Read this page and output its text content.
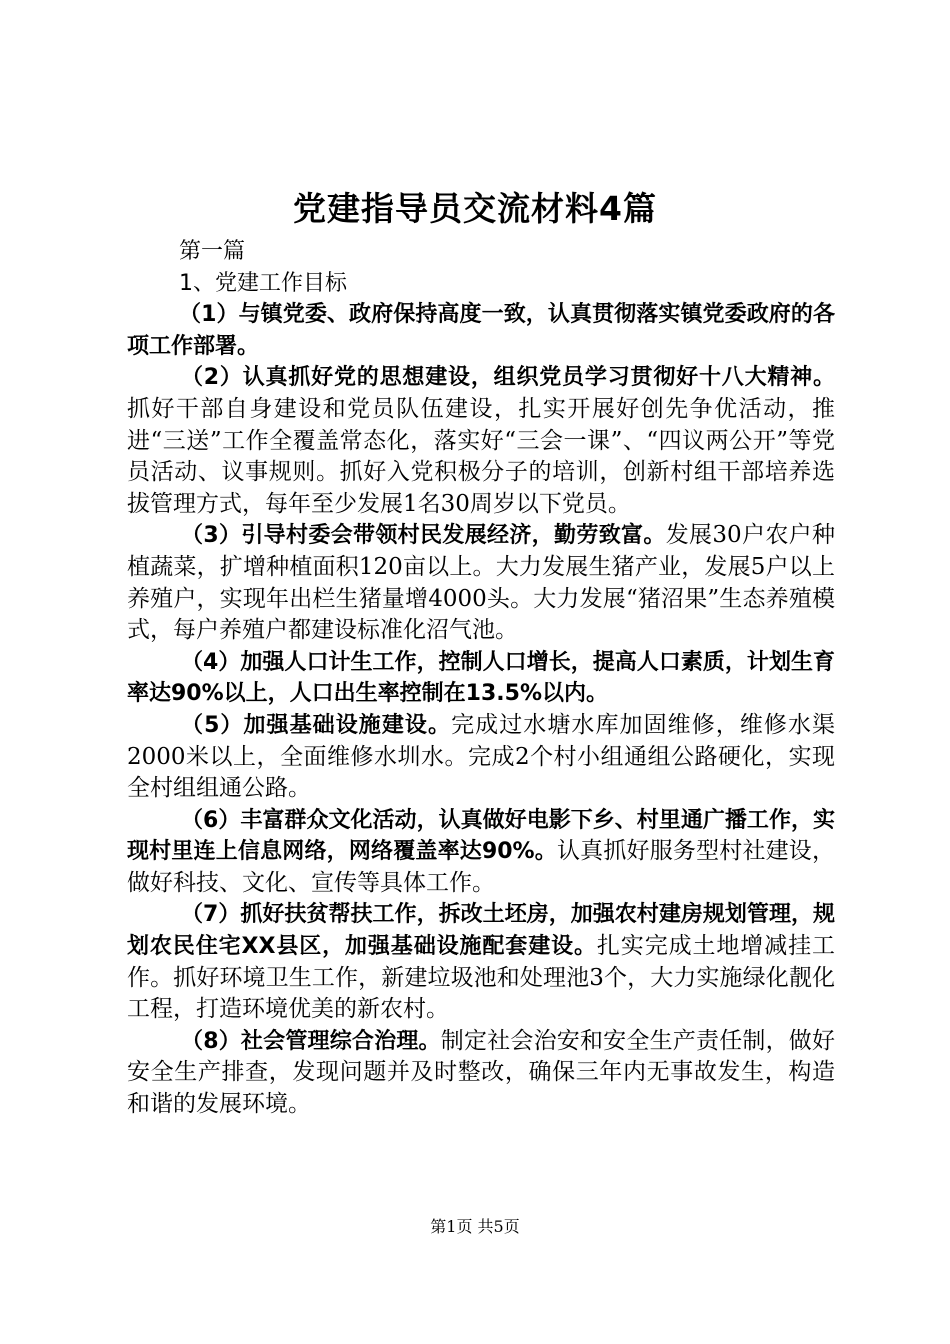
党建指导员交流材料4篇

第一篇

1、党建工作目标

（1）与镇党委、政府保持高度一致，认真贯彻落实镇党委政府的各项工作部署。

（2）认真抓好党的思想建设，组织党员学习贯彻好十八大精神。抓好干部自身建设和党员队伍建设，扎实开展好创先争优活动，推进“三送”工作全覆盖常态化，落实好“三会一课”、“四议两公开”等党员活动、议事规则。抓好入党积极分子的培训，创新村组干部培养选拔管理方式，每年至少发展1名30周岁以下党员。

（3）引导村委会带领村民发展经济，勤劳致富。发展30户农户种植蔬菜，扩增种植面积120亩以上。大力发展生猪产业，发展5户以上养殖户，实现年出栏生猪量增4000头。大力发展“猪沼果”生态养殖模式，每户养殖户都建设标准化沼气池。

（4）加强人口计生工作，控制人口增长，提高人口素质，计划生育率达90%以上，人口出生率控制在13.5%以内。

（5）加强基础设施建设。完成过水塘水库加固维修，维修水渠2000米以上，全面维修水圳水。完成2个村小组通组公路硬化，实现全村组组通公路。

（6）丰富群众文化活动，认真做好电影下乡、村里通广播工作，实现村里连上信息网络，网络覆盖率达90%。认真抓好服务型村社建设，做好科技、文化、宣传等具体工作。

（7）抓好扶贫帮扶工作，拆改土坯房，加强农村建房规划管理，规划农民住宅XX县区，加强基础设施配套建设。扎实完成土地增减挂工作。抓好环境卫生工作，新建垃圾池和处理池3个，大力实施绿化靓化工程，打造环境优美的新农村。

（8）社会管理综合治理。制定社会治安和安全生产责任制，做好安全生产排查，发现问题并及时整改，确保三年内无事故发生，构造和谐的发展环境。

第1页 共5页
